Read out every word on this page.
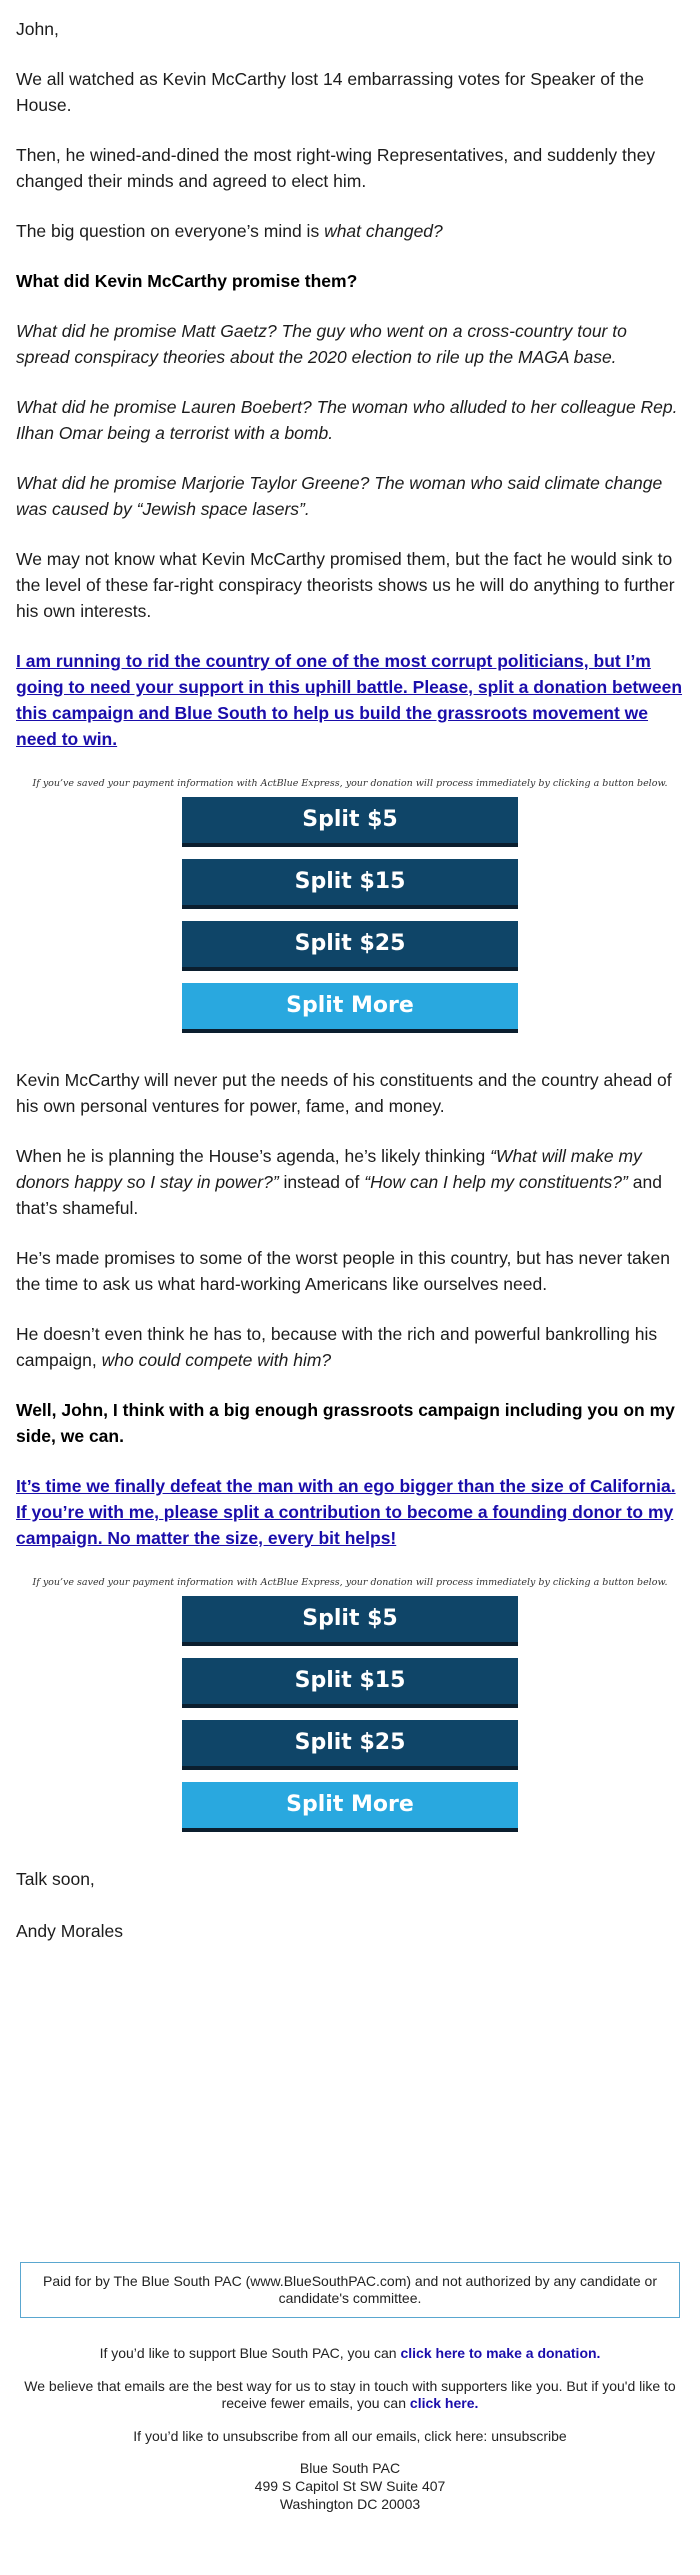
John,

We all watched as Kevin McCarthy lost 14 embarrassing votes for Speaker of the House.

Then, he wined-and-dined the most right-wing Representatives, and suddenly they changed their minds and agreed to elect him.

The big question on everyone’s mind is what changed?

What did Kevin McCarthy promise them?

What did he promise Matt Gaetz? The guy who went on a cross-country tour to spread conspiracy theories about the 2020 election to rile up the MAGA base.

What did he promise Lauren Boebert? The woman who alluded to her colleague Rep. Ilhan Omar being a terrorist with a bomb.

What did he promise Marjorie Taylor Greene? The woman who said climate change was caused by “Jewish space lasers”.

We may not know what Kevin McCarthy promised them, but the fact he would sink to the level of these far-right conspiracy theorists shows us he will do anything to further his own interests.

I am running to rid the country of one of the most corrupt politicians, but I’m going to need your support in this uphill battle. Please, split a donation between this campaign and Blue South to help us build the grassroots movement we need to win.

If you’ve saved your payment information with ActBlue Express, your donation will process immediately by clicking a button below.

Split $5
Split $15
Split $25
Split More

Kevin McCarthy will never put the needs of his constituents and the country ahead of his own personal ventures for power, fame, and money.

When he is planning the House’s agenda, he’s likely thinking “What will make my donors happy so I stay in power?” instead of “How can I help my constituents?” and that’s shameful.

He’s made promises to some of the worst people in this country, but has never taken the time to ask us what hard-working Americans like ourselves need.

He doesn’t even think he has to, because with the rich and powerful bankrolling his campaign, who could compete with him?

Well, John, I think with a big enough grassroots campaign including you on my side, we can.

It’s time we finally defeat the man with an ego bigger than the size of California. If you’re with me, please split a contribution to become a founding donor to my campaign. No matter the size, every bit helps!

If you’ve saved your payment information with ActBlue Express, your donation will process immediately by clicking a button below.

Split $5
Split $15
Split $25
Split More

Talk soon,

Andy Morales

Paid for by The Blue South PAC (www.BlueSouthPAC.com) and not authorized by any candidate or candidate's committee.

If you’d like to support Blue South PAC, you can click here to make a donation.

We believe that emails are the best way for us to stay in touch with supporters like you. But if you'd like to receive fewer emails, you can click here.

If you’d like to unsubscribe from all our emails, click here: unsubscribe

Blue South PAC
499 S Capitol St SW Suite 407
Washington DC 20003
